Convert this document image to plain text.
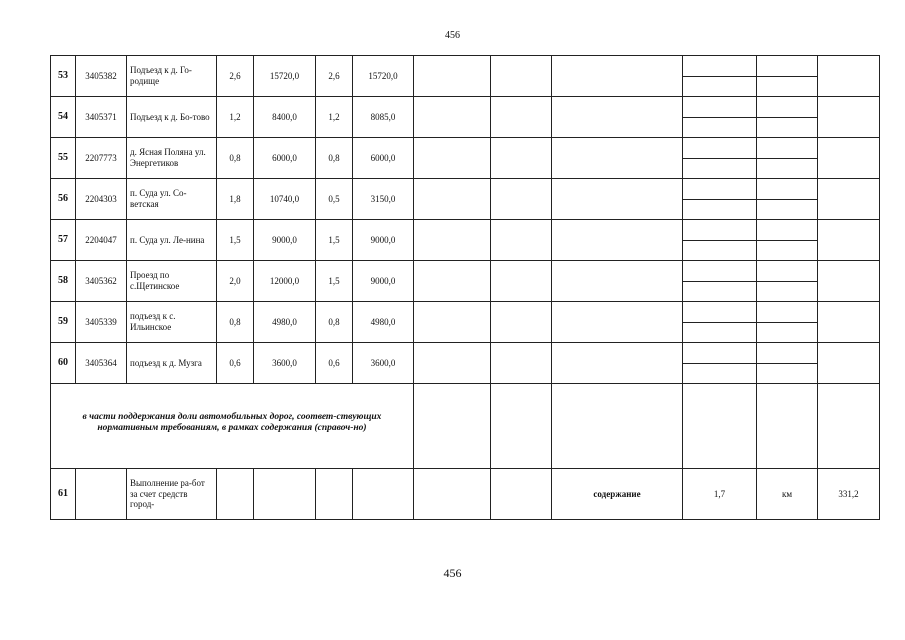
456
53	3405382	Подъезд к д. Го-родище	2,6	15720,0	2,6	15720,0				

54	3405371	Подъезд к д. Бо-тово	1,2	8400,0	1,2	8085,0				

55	2207773	д. Ясная Поляна ул. Энергетиков	0,8	6000,0	0,8	6000,0				

56	2204303	п. Суда ул. Со-ветская	1,8	10740,0	0,5	3150,0				

57	2204047	п. Суда ул. Ле-нина	1,5	9000,0	1,5	9000,0				

58	3405362	Проезд по с.Щетинское	2,0	12000,0	1,5	9000,0				

59	3405339	подъезд к с. Ильинское	0,8	4980,0	0,8	4980,0				

60	3405364	подъезд к д. Музга	0,6	3600,0	0,6	3600,0				

в части поддержания доли автомобильных дорог, соответ-ствующих нормативным требованиям, в рамках содержания (справоч-но)												
61		Выполнение ра-бот за счет средств город-							содержание	1,7	км	331,2
456
